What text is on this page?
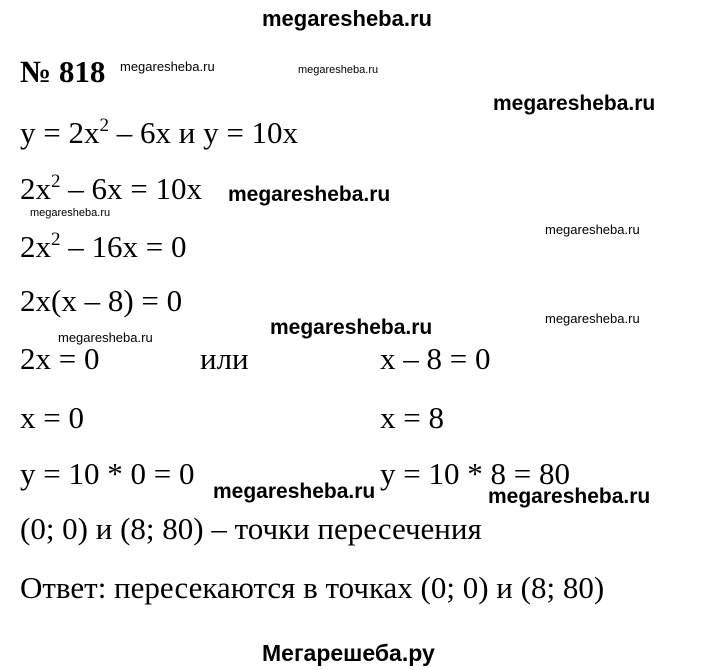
megaresheba.ru
megaresheba.ru	megaresheba.ru
megaresheba.ru
megaresheba.ru
megaresheba.ru
megaresheba.ru
megaresheba.ru	megaresheba.ru
megaresheba.ru
megaresheba.ru	megaresheba.ru
Мегарешеба.ру
№ 818
$y = 2x^2 - 6x$ и y = 10x
$2x^2 - 6x = 10x$
$2x^2 - 16x = 0$
2x(x – 8) = 0
2x = 0	или	x – 8 = 0
x = 0	x = 8
y = 10 * 0 = 0	y = 10 * 8 = 80
(0; 0) и (8; 80) – точки пересечения
Ответ: пересекаются в точках (0; 0) и (8; 80)
